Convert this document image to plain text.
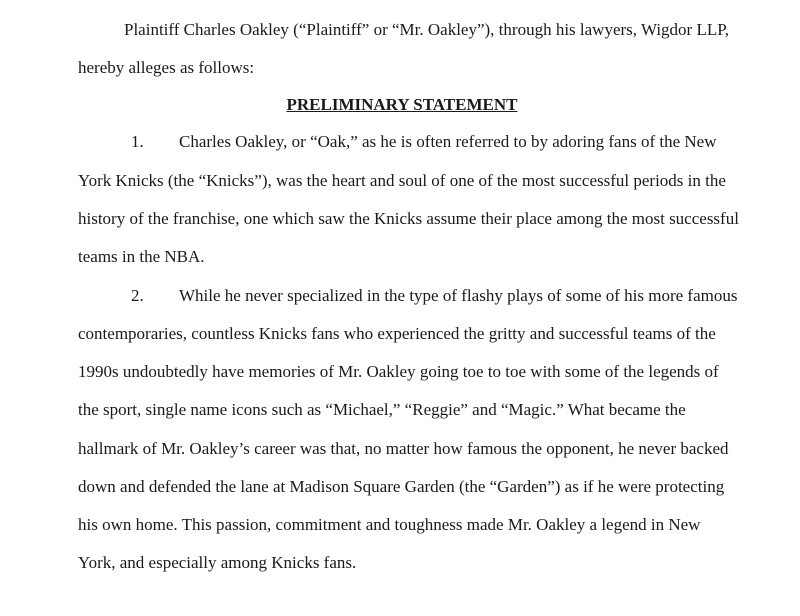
Plaintiff Charles Oakley (“Plaintiff” or “Mr. Oakley”), through his lawyers, Wigdor LLP,
hereby alleges as follows:
PRELIMINARY STATEMENT
1. Charles Oakley, or “Oak,” as he is often referred to by adoring fans of the New
York Knicks (the “Knicks”), was the heart and soul of one of the most successful periods in the
history of the franchise, one which saw the Knicks assume their place among the most successful
teams in the NBA.
2. While he never specialized in the type of flashy plays of some of his more famous
contemporaries, countless Knicks fans who experienced the gritty and successful teams of the
1990s undoubtedly have memories of Mr. Oakley going toe to toe with some of the legends of
the sport, single name icons such as “Michael,” “Reggie” and “Magic.” What became the
hallmark of Mr. Oakley’s career was that, no matter how famous the opponent, he never backed
down and defended the lane at Madison Square Garden (the “Garden”) as if he were protecting
his own home. This passion, commitment and toughness made Mr. Oakley a legend in New
York, and especially among Knicks fans.
